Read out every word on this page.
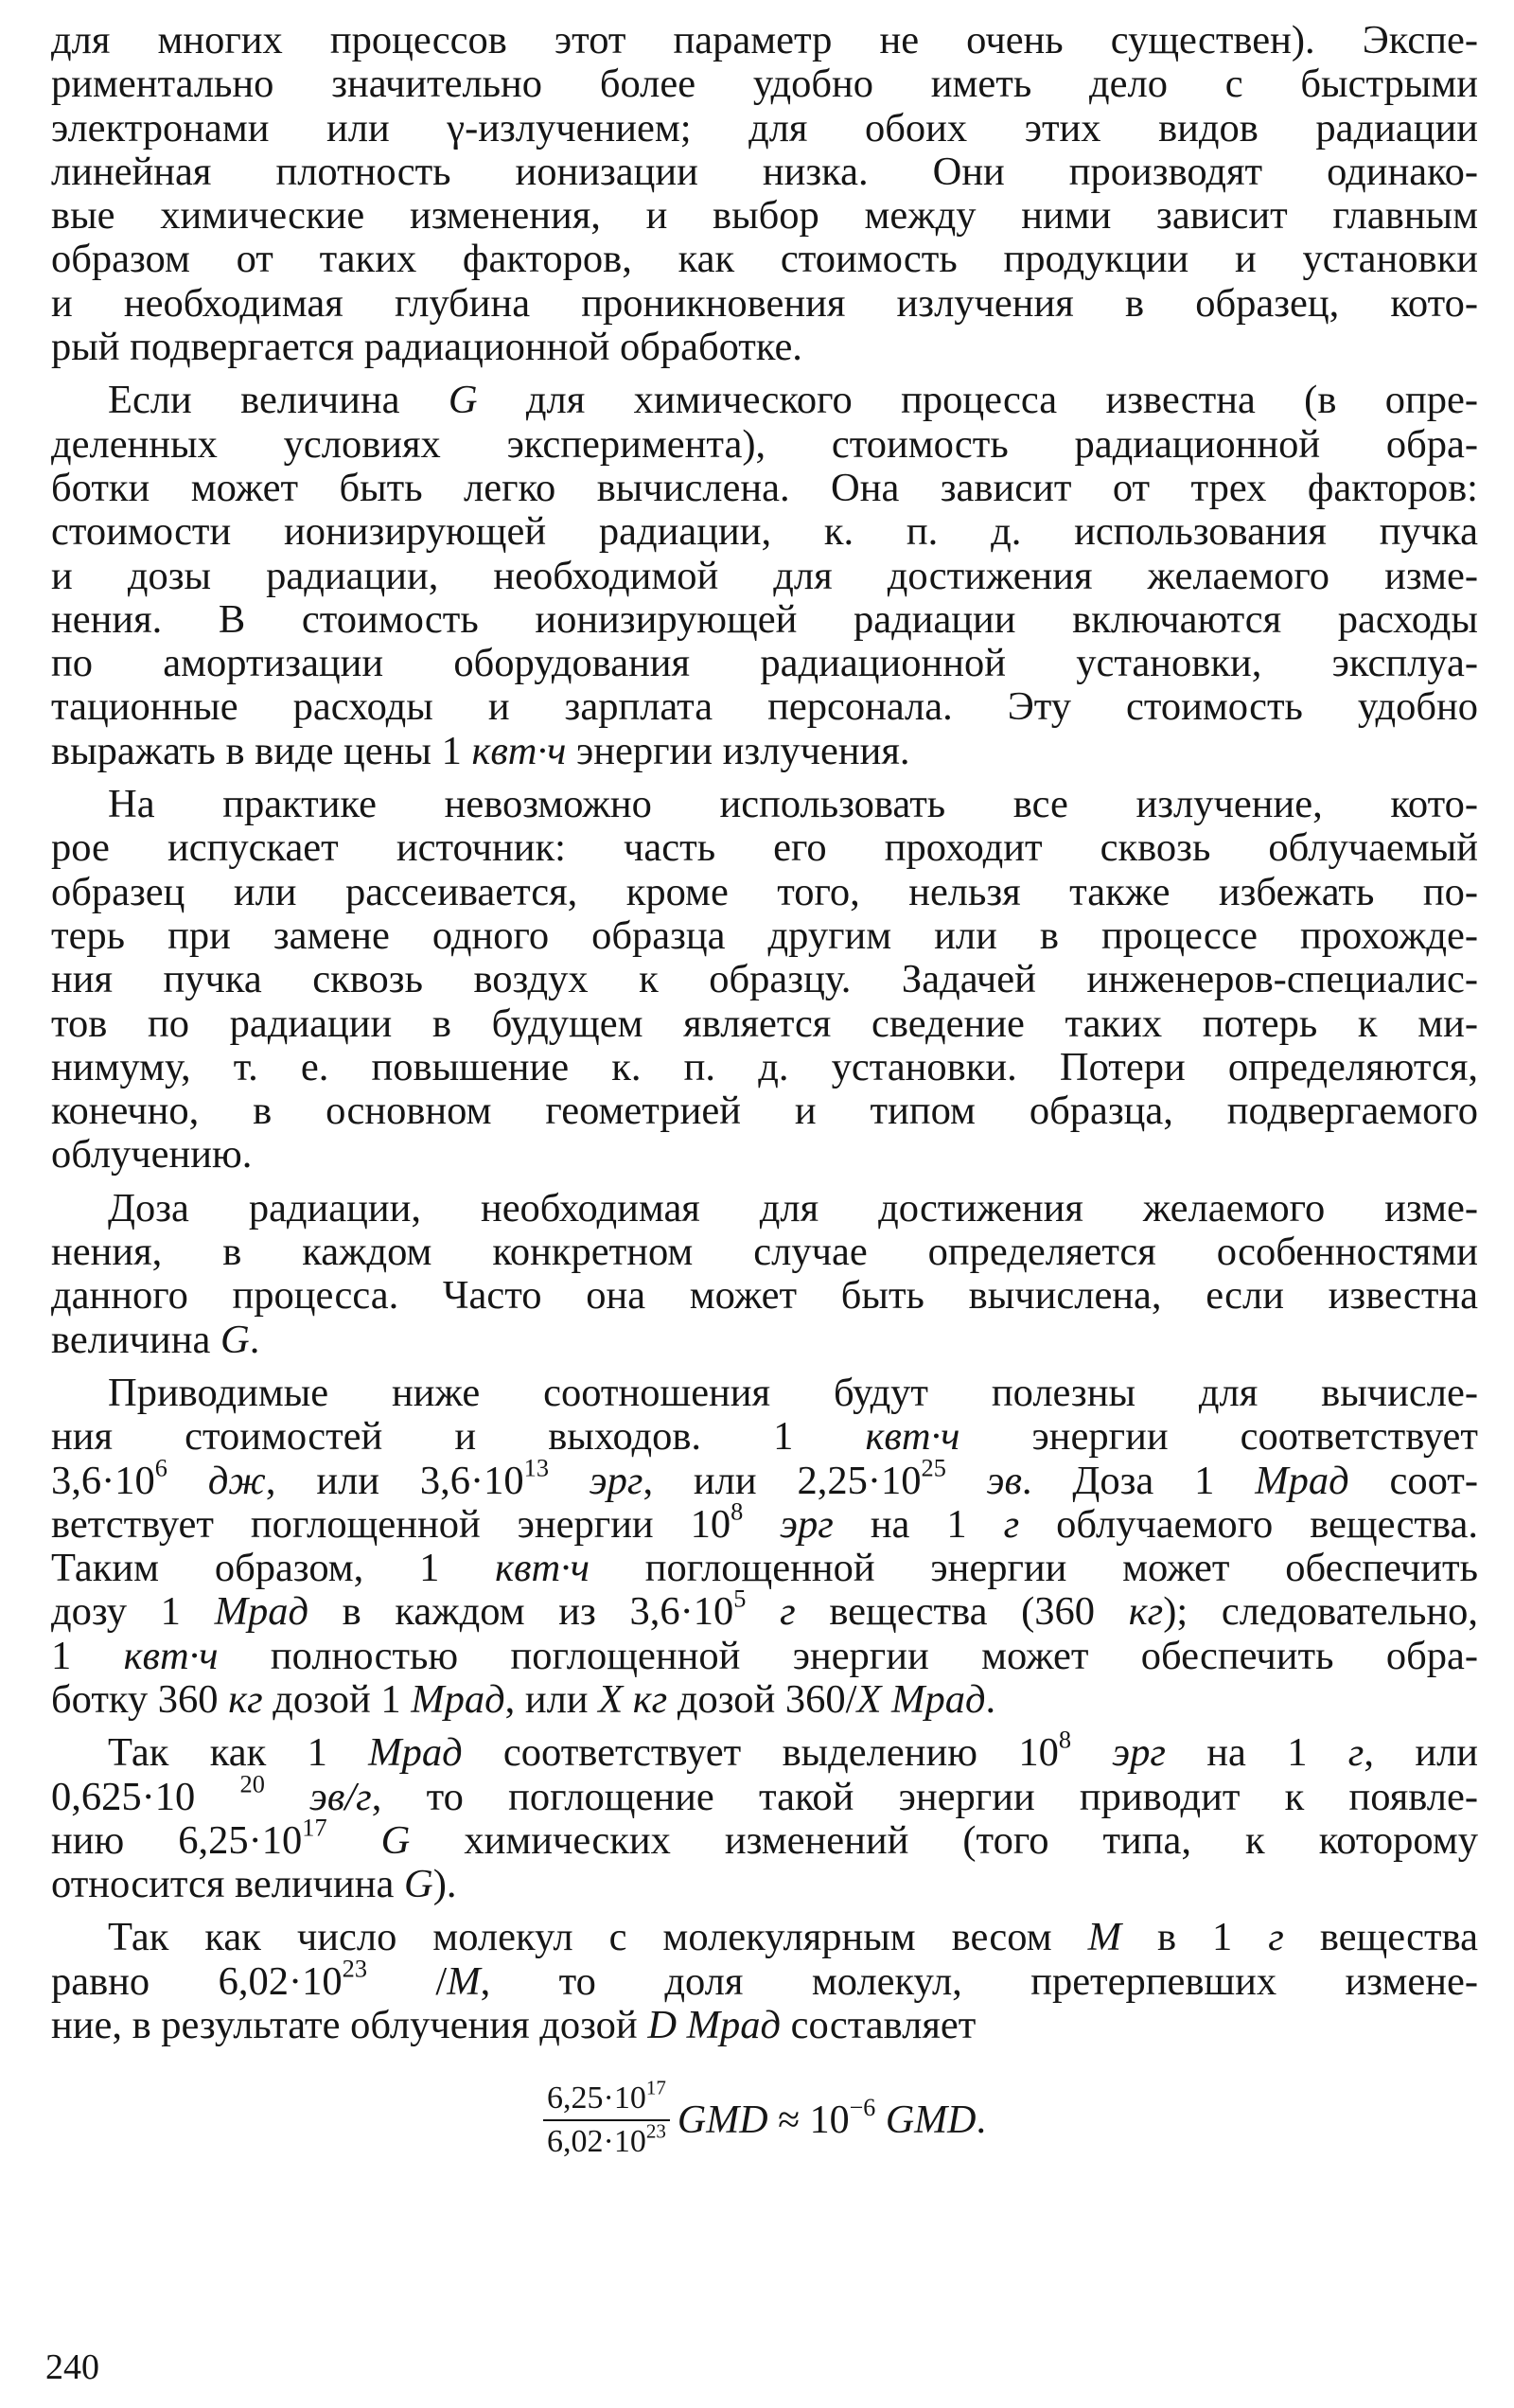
для многих процессов этот параметр не очень существен). Экспе-
риментально значительно более удобно иметь дело с быстрыми
электронами или γ-излучением; для обоих этих видов радиации
линейная плотность ионизации низка. Они производят одинако-
вые химические изменения, и выбор между ними зависит главным
образом от таких факторов, как стоимость продукции и установки
и необходимая глубина проникновения излучения в образец, кото-
рый подвергается радиационной обработке.

Если величина G для химического процесса известна (в опре-
деленных условиях эксперимента), стоимость радиационной обра-
ботки может быть легко вычислена. Она зависит от трех факторов:
стоимости ионизирующей радиации, к. п. д. использования пучка
и дозы радиации, необходимой для достижения желаемого изме-
нения. В стоимость ионизирующей радиации включаются расходы
по амортизации оборудования радиационной установки, эксплуа-
тационные расходы и зарплата персонала. Эту стоимость удобно
выражать в виде цены 1 квт·ч энергии излучения.

На практике невозможно использовать все излучение, кото-
рое испускает источник: часть его проходит сквозь облучаемый
образец или рассеивается, кроме того, нельзя также избежать по-
терь при замене одного образца другим или в процессе прохожде-
ния пучка сквозь воздух к образцу. Задачей инженеров-специалис-
тов по радиации в будущем является сведение таких потерь к ми-
нимуму, т. е. повышение к. п. д. установки. Потери определяются,
конечно, в основном геометрией и типом образца, подвергаемого
облучению.

Доза радиации, необходимая для достижения желаемого изме-
нения, в каждом конкретном случае определяется особенностями
данного процесса. Часто она может быть вычислена, если известна
величина G.

Приводимые ниже соотношения будут полезны для вычисле-
ния стоимостей и выходов. 1 квт·ч энергии соответствует
$3,6\cdot 10^6$ дж, или $3,6\cdot 10^{13}$ эрг, или $2,25\cdot 10^{25}$ эв. Доза 1 Мрад соот-
ветствует поглощенной энергии $10^8$ эрг на 1 г облучаемого вещества.
Таким образом, 1 квт·ч поглощенной энергии может обеспечить
дозу 1 Мрад в каждом из $3,6\cdot 10^5$ г вещества (360 кг); следовательно,
1 квт·ч полностью поглощенной энергии может обеспечить обра-
ботку 360 кг дозой 1 Мрад, или X кг дозой 360/X Мрад.

Так как 1 Мрад соответствует выделению $10^8$ эрг на 1 г, или
0,625·10 $^{20}$ эв/г, то поглощение такой энергии приводит к появле-
нию $6,25\cdot 10^{17}$ G химических изменений (того типа, к которому
относится величина G).

Так как число молекул с молекулярным весом M в 1 г вещества
равно $6,02\cdot 10^{23}$ /M, то доля молекул, претерпевших измене-
ние, в результате облучения дозой D Мрад составляет

$\frac{6,25\cdot 10^{17}}{6,02\cdot 10^{23}}$ GMD ≈ $10^{-6}$ GMD.
240
